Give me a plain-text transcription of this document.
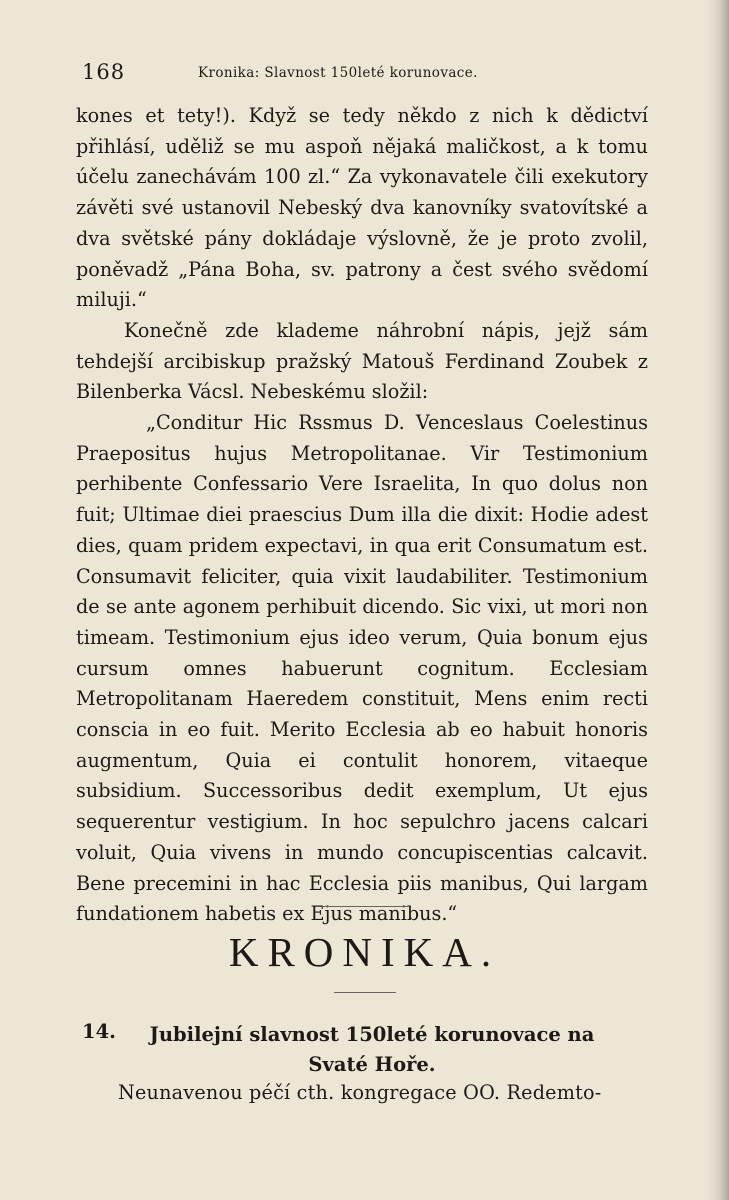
168	Kronika: Slavnost 150leté korunovace.

kones et tety!). Když se tedy někdo z nich k dědictví přihlásí, uděliž se mu aspoň nějaká maličkost, a k tomu účelu zanechávám 100 zl.“ Za vykonavatele čili exekutory závěti své ustanovil Nebeský dva kanovníky svatovítské a dva světské pány dokládaje výslovně, že je proto zvolil, poněvadž „Pána Boha, sv. patrony a čest svého svědomí miluji.“

Konečně zde klademe náhrobní nápis, jejž sám tehdejší arcibiskup pražský Matouš Ferdinand Zoubek z Bilenberka Vácsl. Nebeskému složil:

„Conditur Hic Rssmus D. Venceslaus Coelestinus Praepositus hujus Metropolitanae. Vir Testimonium perhibente Confessario Vere Israelita, In quo dolus non fuit; Ultimae diei praescius Dum illa die dixit: Hodie adest dies, quam pridem expectavi, in qua erit Consumatum est. Consumavit feliciter, quia vixit laudabiliter. Testimonium de se ante agonem perhibuit dicendo. Sic vixi, ut mori non timeam. Testimonium ejus ideo verum, Quia bonum ejus cursum omnes habuerunt cognitum. Ecclesiam Metropolitanam Haeredem constituit, Mens enim recti conscia in eo fuit. Merito Ecclesia ab eo habuit honoris augmentum, Quia ei contulit honorem, vitaeque subsidium. Successoribus dedit exemplum, Ut ejus sequerentur vestigium. In hoc sepulchro jacens calcari voluit, Quia vivens in mundo concupiscentias calcavit. Bene precemini in hac Ecclesia piis manibus, Qui largam fundationem habetis ex Ejus manibus.“

KRONIKA.
14.	Jubilejní slavnost 150leté korunovace na
Svaté Hoře.
Neunavenou péčí cth. kongregace OO. Redemto-
